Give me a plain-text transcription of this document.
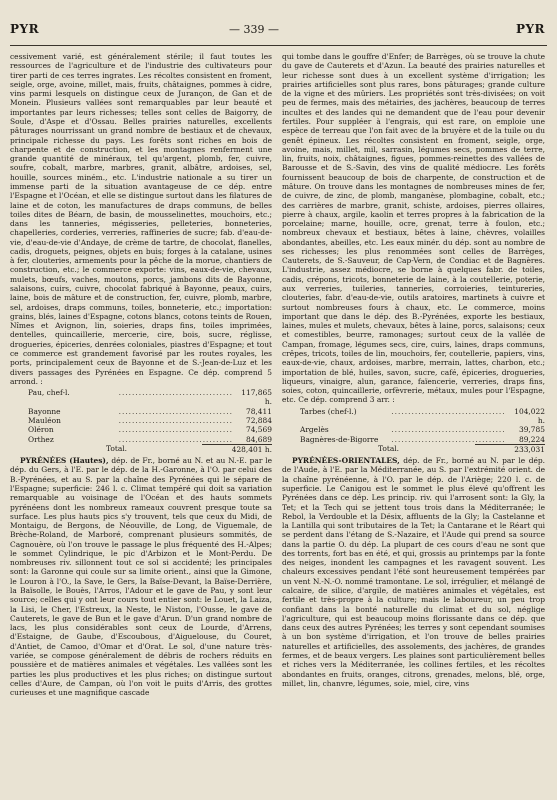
PYR	— 339 —	PYR

cessivement varié, est généralement stérile; il faut toutes les ressources de l'agriculture et de l'industrie des cultivateurs pour tirer parti de ces terres ingrates. Les récoltes consistent en froment, seigle, orge, avoine, millet, mais, fruits, châtaignes, pommes à cidre, vins parmi lesquels on distingue ceux de Jurançon, de Gan et de Monein. Plusieurs vallées sont remarquables par leur beauté et importantes par leurs richesses; telles sont celles de Baigorry, de Soule, d'Aspe et d'Ossau. Belles prairies naturelles, excellents pâturages nourrissant un grand nombre de bestiaux et de chevaux, principale richesse du pays. Les forêts sont riches en bois de charpente et de construction, et les montagnes renferment une grande quantité de minéraux, tel qu'argent, plomb, fer, cuivre, soufre, cobalt, marbre, marbres, granit, albâtre, ardoises, sel, houille, sources miném., etc. L'industrie nationale a su tirer un immense parti de la situation avantageuse de ce dép. entre l'Espagne et l'Océan, et elle se distingue surtout dans les filatures de laine et de coton, les manufactures de draps communs, de belles toiles dites de Béarn, de basin, de mousselinettes, mouchoirs, etc.; dans les tanneries, mégisseries, pelleteries, bonneteries, chapelleries, corderies, verreries, raffineries de sucre; fab. d'eau-de-vie, d'eau-de-vie d'Andaye, de crème de tartre, de chocolat, flanelles, cadis, droguets, peignes, objets en buis; forges à la catalane, usines à fer, clouteries, armements pour la pêche de la morue, chantiers de construction, etc.; le commerce exporte: vins, eaux-de-vie, chevaux, mulets, bœufs, vaches, moutons, porcs, jambons dits de Bayonne, salaisons, cuirs, cuivre, chocolat fabriqué à Bayonne, peaux, cuirs, laine, bois de mâture et de construction, fer, cuivre, plomb, marbre, sel, ardoises, draps communs, toiles, bonneterie, etc.; importation: grains, blés, laines d'Espagne, cotons blancs, cotons teints de Rouen, Nîmes et Avignon, lin, soieries, draps fins, toiles imprimées, dentelles, quincaillerie, mercerie, cire, bois, sucre, réglisse, drogueries, épiceries, denrées coloniales, piastres d'Espagne; et tout ce commerce est grandement favorisé par les routes royales, les ports, principalement ceux de Bayonne et de S.-Jean-de-Luz et les divers passages des Pyrénées en Espagne. Ce dép. comprend 5 arrond. :

Pau, chef-l.	..................................	117,865 h.
Bayonne	..................................	78,411
Mauléon	..................................	72,884
Oléron	..................................	74,569
Orthez	..................................	84,689
Total.	428,401 h.

PYRÉNÉES (Hautes), dép. de Fr., borné au N. et au N.-E. par le dép. du Gers, à l'E. par le dép. de la H.-Garonne, à l'O. par celui des B.-Pyrénées, et au S. par la chaîne des Pyrénées qui le sépare de l'Espagne; superficie: 246 l. c. Climat tempéré qui doit sa variation remarquable au voisinage de l'Océan et des hauts sommets pyrénéens dont les nombreux rameaux couvrent presque toute sa surface. Les plus hauts pics s'y trouvent, tels que ceux du Midi, de Montaigu, de Bergons, de Néouville, de Long, de Viguemale, de Brèche-Roland, de Marboré, comprenant plusieurs sommités, de Cagnouère, où l'on trouve le passage le plus fréquenté des H.-Alpes; le sommet Cylindrique, le pic d'Arbizon et le Mont-Perdu. De nombreuses riv. sillonnent tout ce sol si accidenté; les principales sont: la Garonne qui coule sur sa limite orient., ainsi que la Gimone, le Louron à l'O., la Save, le Gers, la Baïse-Devant, la Baïse-Derrière, la Baïsolle, le Bouès, l'Arros, l'Adour et le gave de Pau, y sont leur source; celles qui y ont leur cours tout entier sont: le Louet, la Laiza, la Lisi, le Cher, l'Estreux, la Neste, le Niston, l'Ousse, le gave de Cauterets, le gave de Bun et le gave d'Arun. D'un grand nombre de lacs, les plus considérables sont ceux de Lourde, d'Arrens, d'Estaigne, de Gaube, d'Escoubous, d'Aiguelouse, du Couret, d'Antiet, de Camoo, d'Omar et d'Orat. Le sol, d'une nature très-variée, se compose généralement de débris de rochers réduits en poussière et de matières animales et végétales. Les vallées sont les parties les plus productives et les plus riches; on distingue surtout celles d'Aure, de Campan, où l'on voit le puits d'Arris, des grottes curieuses et une magnifique cascade

qui tombe dans le gouffre d'Enfer; de Barrèges, où se trouve la chute du gave de Cauterets et d'Azun. La beauté des prairies naturelles et leur richesse sont dues à un excellent système d'irrigation; les prairies artificielles sont plus rares, bons pâturages; grande culture de la vigne et des mûriers. Les propriétés sont très-divisées; on voit peu de fermes, mais des métairies, des jachères, beaucoup de terres incultes et des landes qui ne demandent que de l'eau pour devenir fertiles. Pour suppléer à l'engrais, qui est rare, on emploie une espèce de terreau que l'on fait avec de la bruyère et de la tuile ou du genêt épineux. Les récoltes consistent en froment, seigle, orge, avoine, mais, millet, mil, sarrasin, légumes secs, pommes de terre, lin, fruits, noix, châtaignes, figues, pommes-reinettes des vallées de Barousse et de S.-Savin, des vins de qualité médiocre. Les forêts fournissent beaucoup de bois de charpente, de construction et de mâture. On trouve dans les montagnes de nombreuses mines de fer, de cuivre, de zinc, de plomb, manganèse, plombagine, cobalt, etc.; des carrières de marbre, granit, schiste, ardoises, pierres ollaires, pierre à chaux, argile, kaolin et terres propres à la fabrication de la porcelaine; marne, houille, ocre, grenat, terre à foulon, etc.; nombreux chevaux et bestiaux, bêtes à laine, chèvres, volailles abondantes, abeilles, etc. Les eaux minér. du dép. sont au nombre de ses richesses; les plus renommées sont celles de Barrèges, Cauterets, de S.-Sauveur, de Cap-Vern, de Condiac et de Bagnères. L'industrie, assez médiocre, se borne à quelques fabr. de toiles, cadis, crépons, tricots, bonneterie de laine, à la coutellerie, poterie, aux verreries, tuileries, tanneries, corroieries, teintureries, clouteries, fabr. d'eau-de-vie, outils aratoires, martinets à cuivre et surtout nombreuses fours à chaux, etc. Le commerce, moins important que dans le dép. des B.-Pyrénées, exporte les bestiaux, laines, mules et mulets, chevaux, bêtes à laine, porcs, salaisons; ceux et comestibles, beurre, ramonages; surtout ceux de la vallée de Campan, fromage, légumes secs, cire, cuirs, laines, draps communs, crêpes, tricots, toiles de lin, mouchoirs, fer, coutellerie, papiers, vins, eaux-de-vie, chaux, ardoises, marbre, merrain, lattes, charbon, etc.; importation de blé, huiles, savon, sucre, café, épiceries, drogueries, liqueurs, vinaigre, alun, garance, faïencerie, verreries, draps fins, soies, coton, quincaillerie, orfèvrerie, métaux, mules pour l'Espagne, etc. Ce dép. comprend 3 arr. :

Tarbes (chef-l.)	..................................	104,022 h.
Argelès	..................................	39,785
Bagnères-de-Bigorre	..................................	89,224
Total.	233,031

PYRÉNÉES-ORIENTALES, dép. de Fr., borné au N. par le dép. de l'Aude, à l'E. par la Méditerranée, au S. par l'extrémité orient. de la chaîne pyrénéenne, à l'O. par le dép. de l'Ariège; 220 l. c. de superficie. Le Canigou est le sommet le plus élevé qu'offrent les Pyrénées dans ce dép. Les princip. riv. qui l'arrosent sont: la Gly, la Tet; et la Tech qui se jettent tous trois dans la Méditerranée; le Rebol, la Verdouble et la Désix, affluents de la Gly; la Castelanne et la Lantilla qui sont tributaires de la Tet; la Cantarane et le Réart qui se perdent dans l'étang de S.-Nazaire, et l'Aude qui prend sa source dans la partie O. du dép. La plupart de ces cours d'eau ne sont que des torrents, fort bas en été, et qui, grossis au printemps par la fonte des neiges, inondent les campagnes et les ravagent souvent. Les chaleurs excessives pendant l'été sont heureusement tempérées par un vent N.-N.-O. nommé tramontane. Le sol, irrégulier, et mélangé de calcaire, de silice, d'argile, de matières animales et végétales, est fertile et très-propre à la culture; mais le laboureur, un peu trop confiant dans la bonté naturelle du climat et du sol, néglige l'agriculture, qui est beaucoup moins florissante dans ce dép. que dans ceux des autres Pyrénées; les terres y sont cependant soumises à un bon système d'irrigation, et l'on trouve de belles prairies naturelles et artificielles, des assolements, des jachères, de grandes fermes, et de beaux vergers. Les plaines sont particulièrement belles et riches vers la Méditerranée, les collines fertiles, et les récoltes abondantes en fruits, oranges, citrons, grenades, melons, blé, orge, millet, lin, chanvre, légumes, soie, miel, cire, vins
